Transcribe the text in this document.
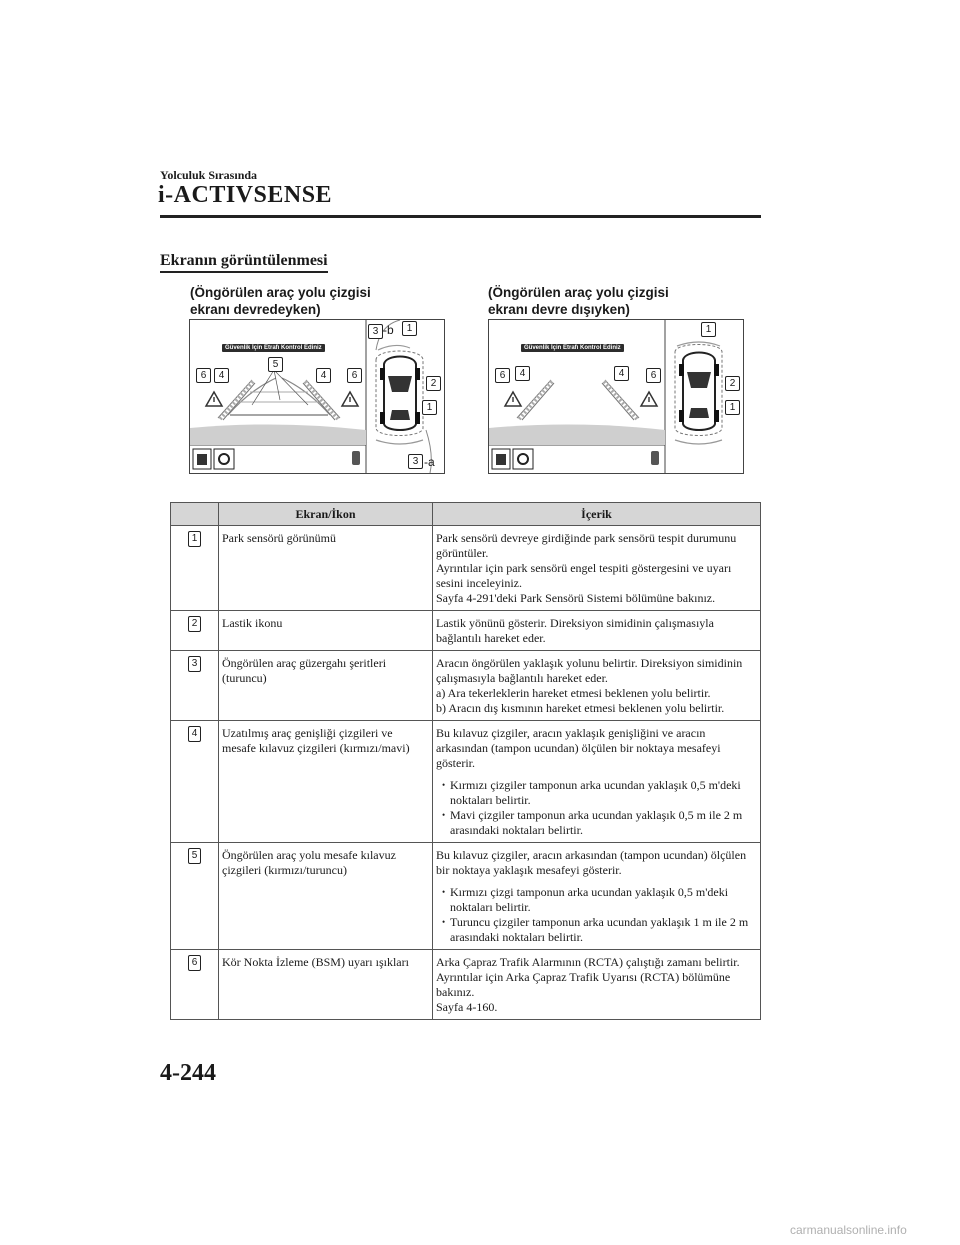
Yolculuk Sırasında
i-ACTIVSENSE
Ekranın görüntülenmesi
(Öngörülen araç yolu çizgisi
ekranı devredeyken)
(Öngörülen araç yolu çizgisi
ekranı devre dışıyken)
Güvenlik İçin Etrafı Kontrol Ediniz
3 -b	1
5
6	4	4	6
2
1
3 -a
Güvenlik İçin Etrafı Kontrol Ediniz
1
6	4	4	6
2
1
	Ekran/İkon	İçerik
1	Park sensörü görünümü	Park sensörü devreye girdiğinde park sensörü tespit durumunu görüntüler.
Ayrıntılar için park sensörü engel tespiti göstergesini ve uyarı sesini inceleyiniz.
Sayfa 4-291'deki Park Sensörü Sistemi bölümüne bakınız.

2	Lastik ikonu	Lastik yönünü gösterir. Direksiyon simidinin çalışmasıyla bağlantılı hareket eder.

3	Öngörülen araç güzergahı şeritleri (turuncu)	Aracın öngörülen yaklaşık yolunu belirtir. Direksiyon simidinin çalışmasıyla bağlantılı hareket eder.
a) Ara tekerleklerin hareket etmesi beklenen yolu belirtir.
b) Aracın dış kısmının hareket etmesi beklenen yolu belirtir.

4	Uzatılmış araç genişliği çizgileri ve mesafe kılavuz çizgileri (kırmızı/mavi)	Bu kılavuz çizgiler, aracın yaklaşık genişliğini ve aracın arkasından (tampon ucundan) ölçülen bir noktaya mesafeyi gösterir.
• Kırmızı çizgiler tamponun arka ucundan yaklaşık 0,5 m'deki noktaları belirtir.
• Mavi çizgiler tamponun arka ucundan yaklaşık 0,5 m ile 2 m arasındaki noktaları belirtir.

5	Öngörülen araç yolu mesafe kılavuz çizgileri (kırmızı/turuncu)	Bu kılavuz çizgiler, aracın arkasından (tampon ucundan) ölçülen bir noktaya yaklaşık mesafeyi gösterir.
• Kırmızı çizgi tamponun arka ucundan yaklaşık 0,5 m'deki noktaları belirtir.
• Turuncu çizgiler tamponun arka ucundan yaklaşık 1 m ile 2 m arasındaki noktaları belirtir.

6	Kör Nokta İzleme (BSM) uyarı ışıkları	Arka Çapraz Trafik Alarmının (RCTA) çalıştığı zamanı belirtir.
Ayrıntılar için Arka Çapraz Trafik Uyarısı (RCTA) bölümüne bakınız.
Sayfa 4-160.
4-244
carmanualsonline.info
